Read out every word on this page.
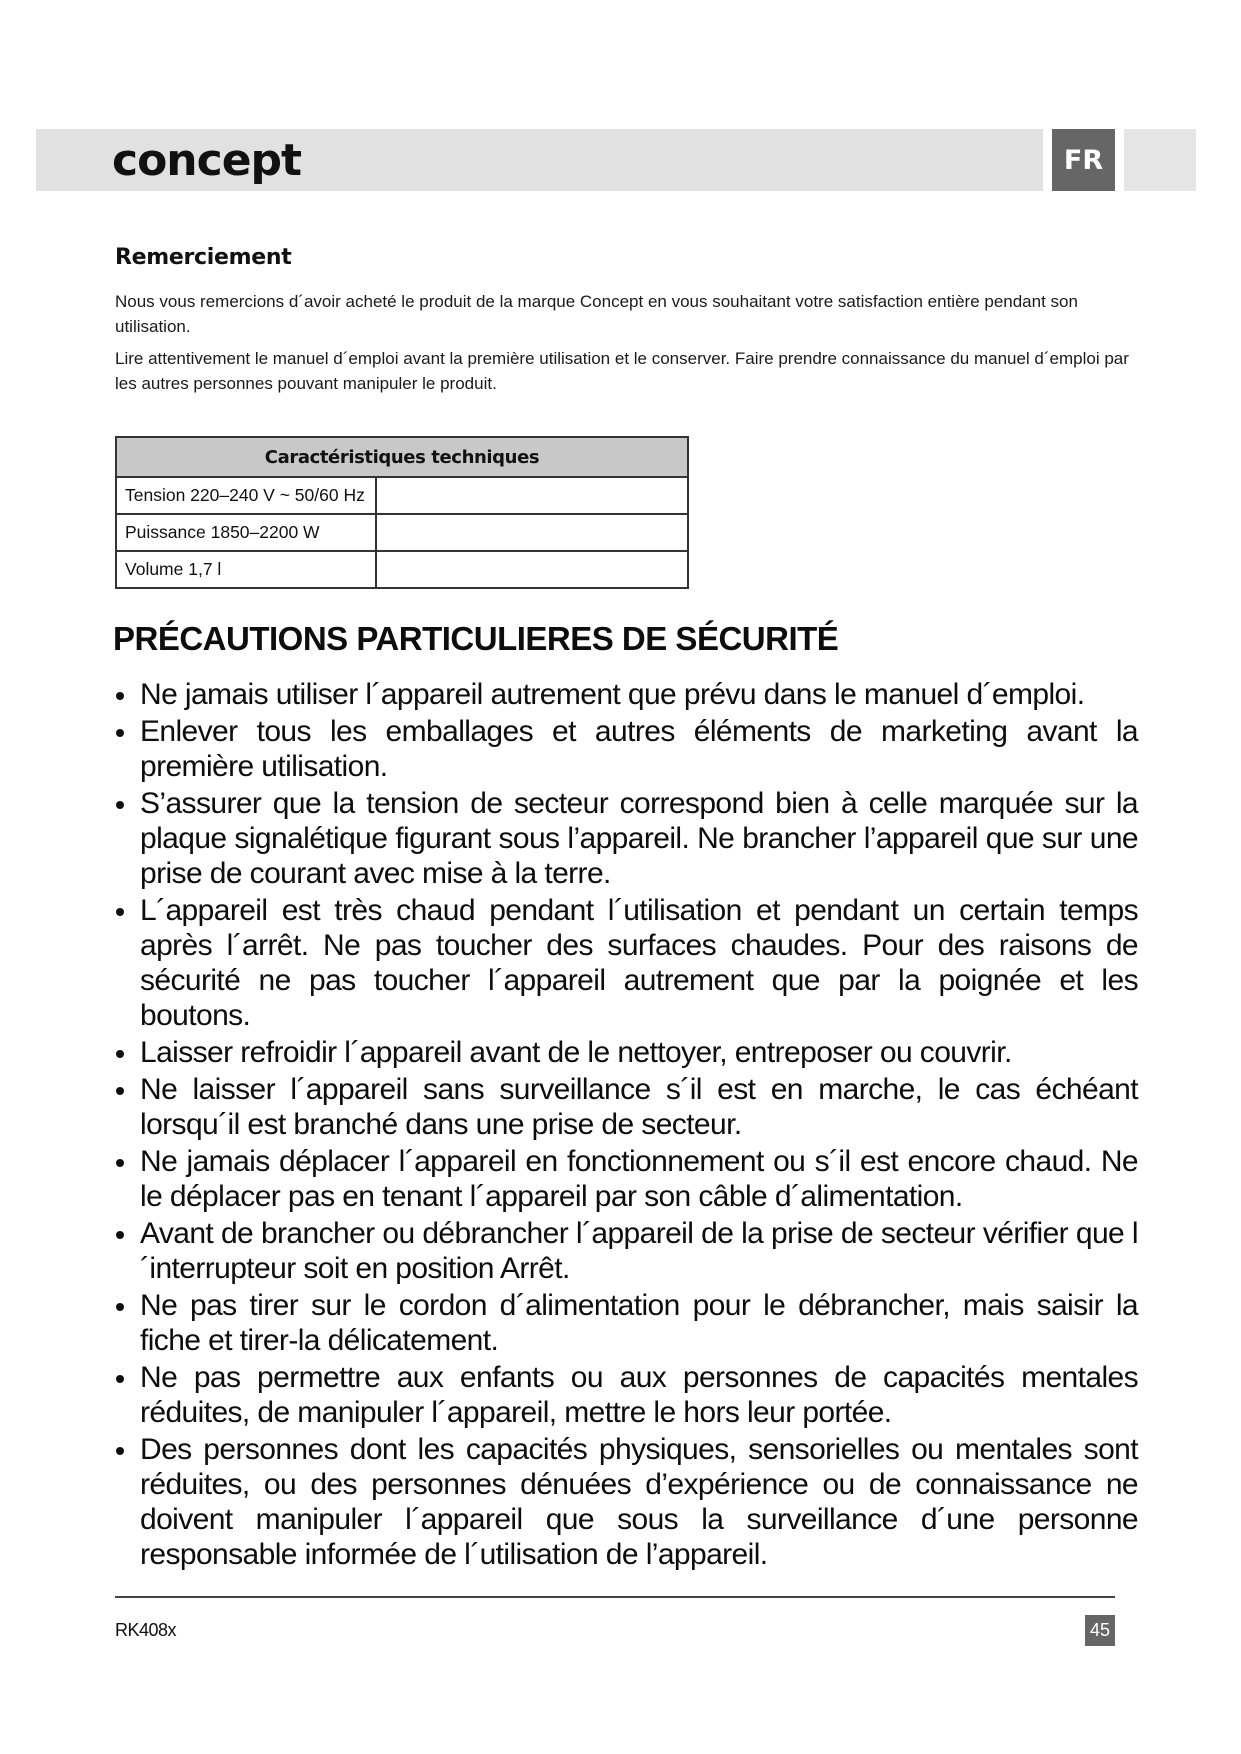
concept	FR
Remerciement
Nous vous remercions d´avoir acheté le produit de la marque Concept en vous souhaitant votre satisfaction entière pendant son utilisation.
Lire attentivement le manuel d´emploi avant la première utilisation et le conserver. Faire prendre connaissance du manuel d´emploi par les autres personnes pouvant manipuler le produit.
Caractéristiques techniques	
Tension 220–240 V ~ 50/60 Hz	
Puissance 1850–2200 W	
Volume 1,7 l	
PRÉCAUTIONS PARTICULIERES DE SÉCURITÉ
Ne jamais utiliser l´appareil autrement que prévu dans le manuel d´emploi.
Enlever tous les emballages et autres éléments de marketing avant la première utilisation.
S’assurer que la tension de secteur correspond bien à celle marquée sur la plaque signalétique figurant sous l’appareil. Ne brancher l’appareil que sur une prise de courant avec mise à la terre.
L´appareil est très chaud pendant l´utilisation et pendant un certain temps après l´arrêt. Ne pas toucher des surfaces chaudes. Pour des raisons de sécurité ne pas toucher l´appareil autrement que par la poignée et les boutons.
Laisser refroidir l´appareil avant de le nettoyer, entreposer ou couvrir.
Ne laisser l´appareil sans surveillance s´il est en marche, le cas échéant lorsqu´il est branché dans une prise de secteur.
Ne jamais déplacer l´appareil en fonctionnement ou s´il est encore chaud. Ne le déplacer pas en tenant l´appareil par son câble d´alimentation.
Avant de brancher ou débrancher l´appareil de la prise de secteur vérifier que l´interrupteur soit en position Arrêt.
Ne pas tirer sur le cordon d´alimentation pour le débrancher, mais saisir la fiche et tirer-la délicatement.
Ne pas permettre aux enfants ou aux personnes de capacités mentales réduites, de manipuler l´appareil, mettre le hors leur portée.
Des personnes dont les capacités physiques, sensorielles ou mentales sont réduites, ou des personnes dénuées d’expérience ou de connaissance ne doivent manipuler l´appareil que sous la surveillance d´une personne responsable informée de l´utilisation de l’appareil.
RK408x	45
